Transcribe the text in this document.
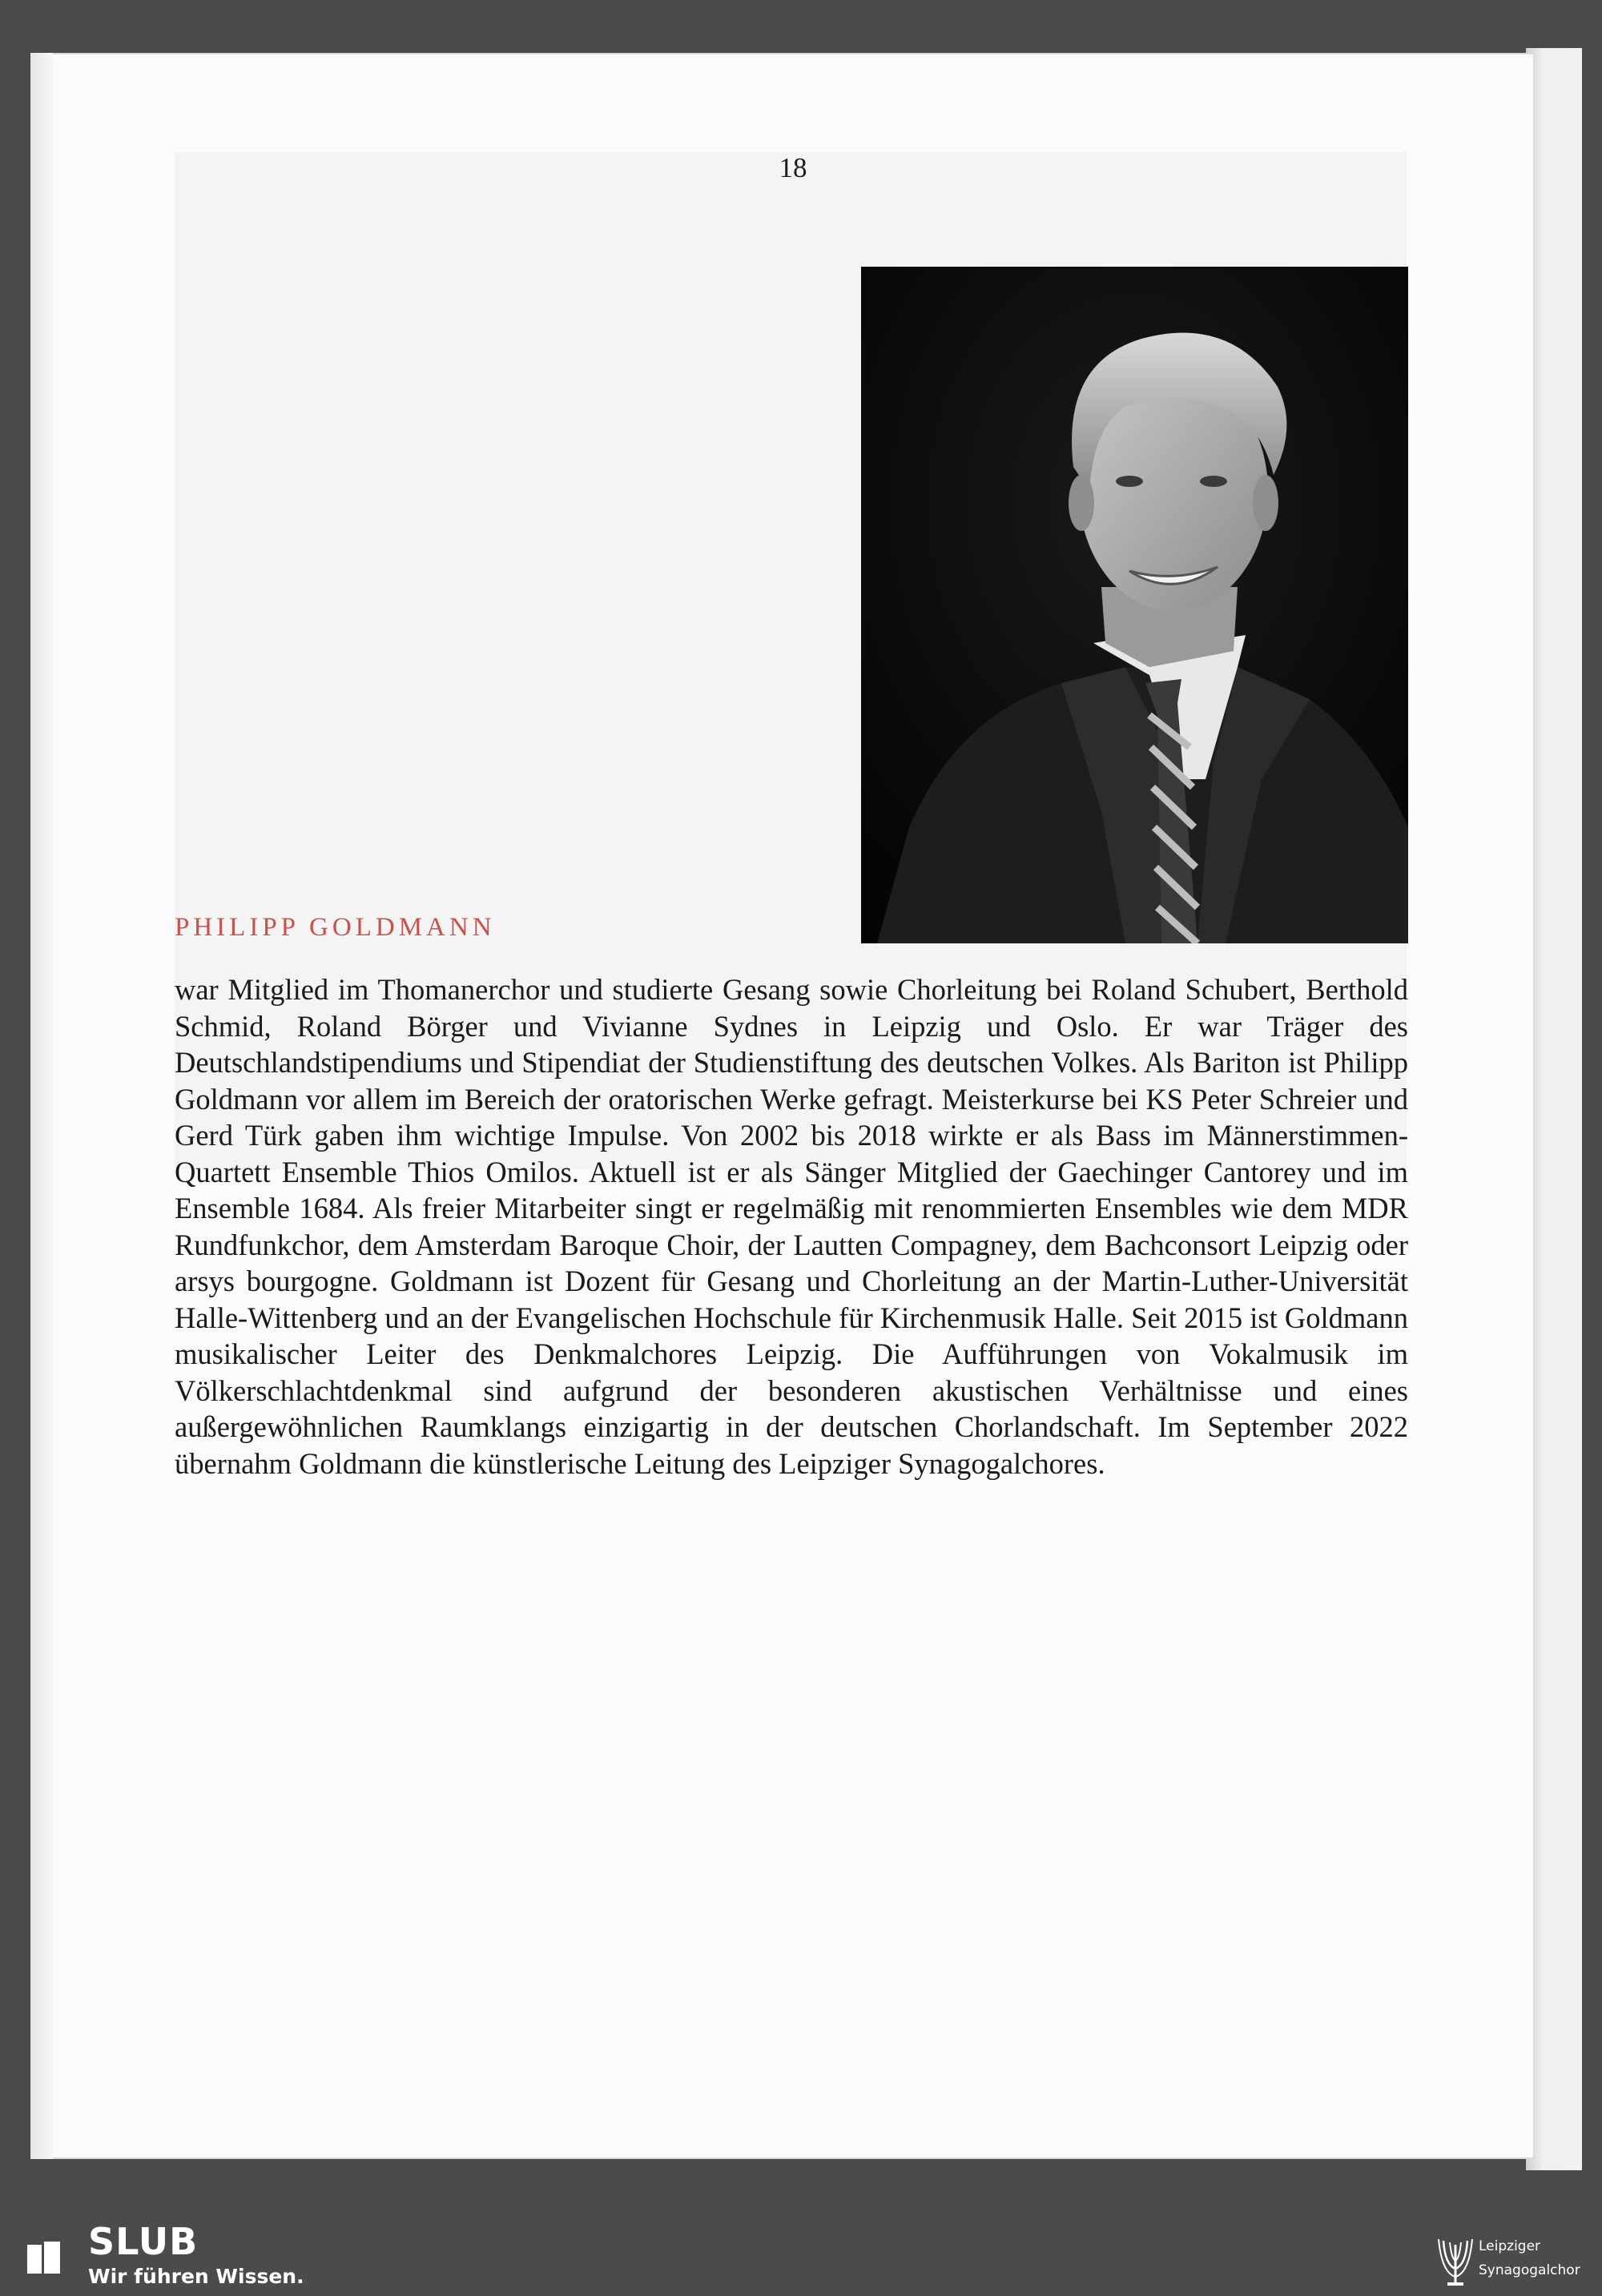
18
PHILIPP GOLDMANN
war Mitglied im Thomanerchor und studierte Gesang sowie Chorleitung bei Roland Schubert, Berthold Schmid, Roland Börger und Vivianne Sydnes in Leipzig und Oslo. Er war Träger des Deutschlandstipendiums und Stipendiat der Studienstiftung des deutschen Volkes. Als Bariton ist Philipp Goldmann vor allem im Bereich der oratorischen Werke gefragt. Meisterkurse bei KS Peter Schreier und Gerd Türk gaben ihm wichtige Impulse. Von 2002 bis 2018 wirkte er als Bass im Männerstimmen-Quartett Ensemble Thios Omilos. Aktuell ist er als Sänger Mitglied der Gaechinger Cantorey und im Ensemble 1684. Als freier Mitarbeiter singt er regelmäßig mit renommierten Ensembles wie dem MDR Rundfunkchor, dem Amsterdam Baroque Choir, der Lautten Compagney, dem Bachconsort Leipzig oder arsys bourgogne. Goldmann ist Dozent für Gesang und Chorleitung an der Martin-Luther-Universität Halle-Wittenberg und an der Evangelischen Hochschule für Kirchenmusik Halle. Seit 2015 ist Goldmann musikalischer Leiter des Denkmalchores Leipzig. Die Aufführungen von Vokalmusik im Völkerschlachtdenkmal sind aufgrund der besonderen akustischen Verhältnisse und eines außergewöhnlichen Raumklangs einzigartig in der deutschen Chorlandschaft. Im September 2022 übernahm Goldmann die künstlerische Leitung des Leipziger Synagogalchores.
SLUB
Wir führen Wissen.
Leipziger
Synagogalchor
